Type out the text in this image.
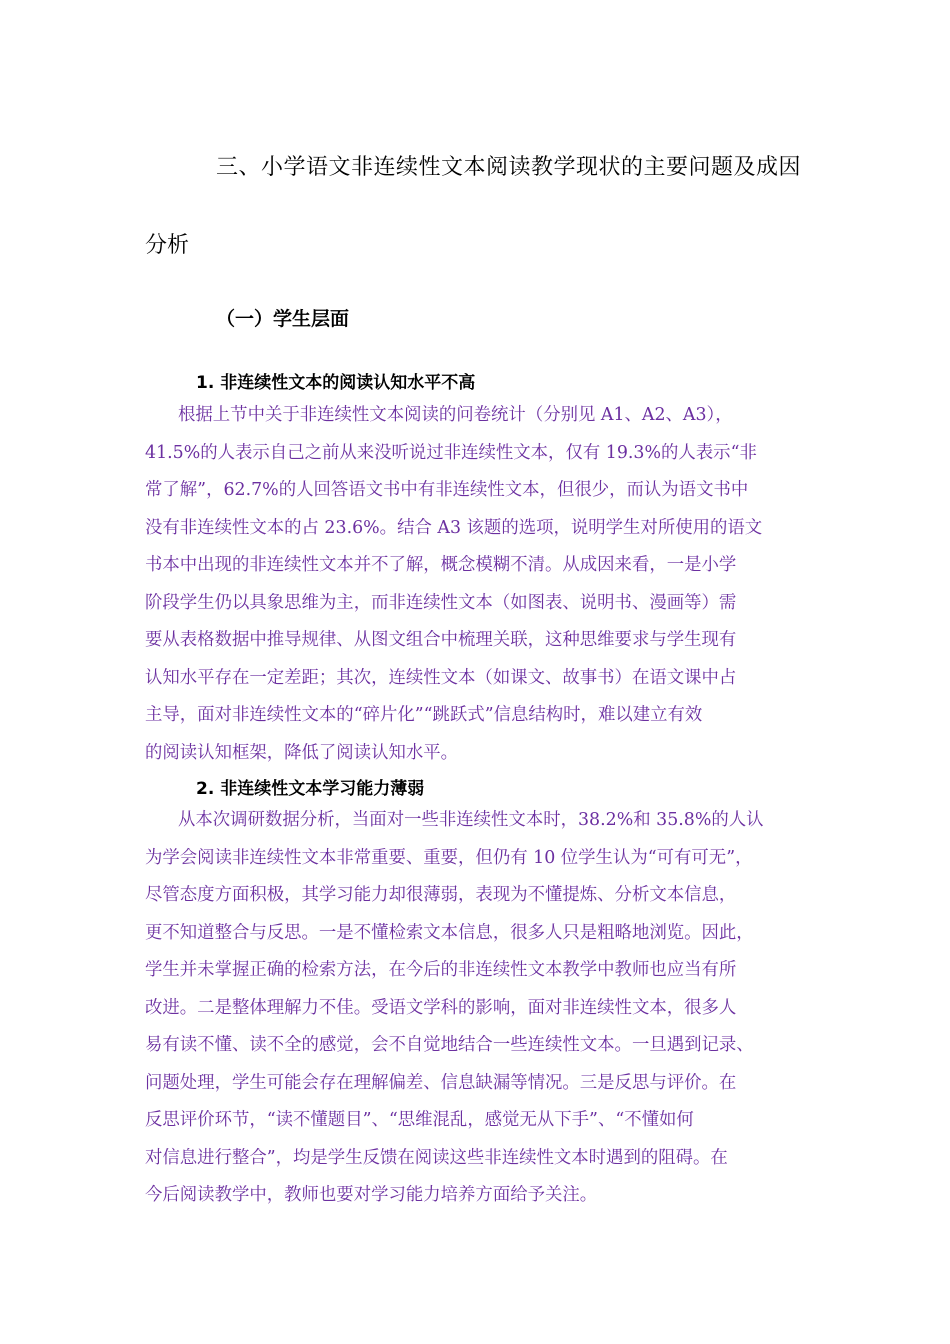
三、小学语文非连续性文本阅读教学现状的主要问题及成因
分析
（一）学生层面
1. 非连续性文本的阅读认知水平不高
根据上节中关于非连续性文本阅读的问卷统计（分别见 A1、A2、A3），
41.5%的人表示自己之前从来没听说过非连续性文本，仅有 19.3%的人表示“非
常了解”，62.7%的人回答语文书中有非连续性文本，但很少，而认为语文书中
没有非连续性文本的占 23.6%。结合 A3 该题的选项，说明学生对所使用的语文
书本中出现的非连续性文本并不了解，概念模糊不清。从成因来看，一是小学
阶段学生仍以具象思维为主，而非连续性文本（如图表、说明书、漫画等）需
要从表格数据中推导规律、从图文组合中梳理关联，这种思维要求与学生现有
认知水平存在一定差距；其次，连续性文本（如课文、故事书）在语文课中占
主导，面对非连续性文本的“碎片化”“跳跃式”信息结构时，难以建立有效
的阅读认知框架，降低了阅读认知水平。
2. 非连续性文本学习能力薄弱
从本次调研数据分析，当面对一些非连续性文本时，38.2%和 35.8%的人认
为学会阅读非连续性文本非常重要、重要，但仍有 10 位学生认为“可有可无”，
尽管态度方面积极，其学习能力却很薄弱，表现为不懂提炼、分析文本信息，
更不知道整合与反思。一是不懂检索文本信息，很多人只是粗略地浏览。因此，
学生并未掌握正确的检索方法，在今后的非连续性文本教学中教师也应当有所
改进。二是整体理解力不佳。受语文学科的影响，面对非连续性文本，很多人
易有读不懂、读不全的感觉，会不自觉地结合一些连续性文本。一旦遇到记录、
问题处理，学生可能会存在理解偏差、信息缺漏等情况。三是反思与评价。在
反思评价环节，“读不懂题目”、“思维混乱，感觉无从下手”、“不懂如何
对信息进行整合”，均是学生反馈在阅读这些非连续性文本时遇到的阻碍。在
今后阅读教学中，教师也要对学习能力培养方面给予关注。
